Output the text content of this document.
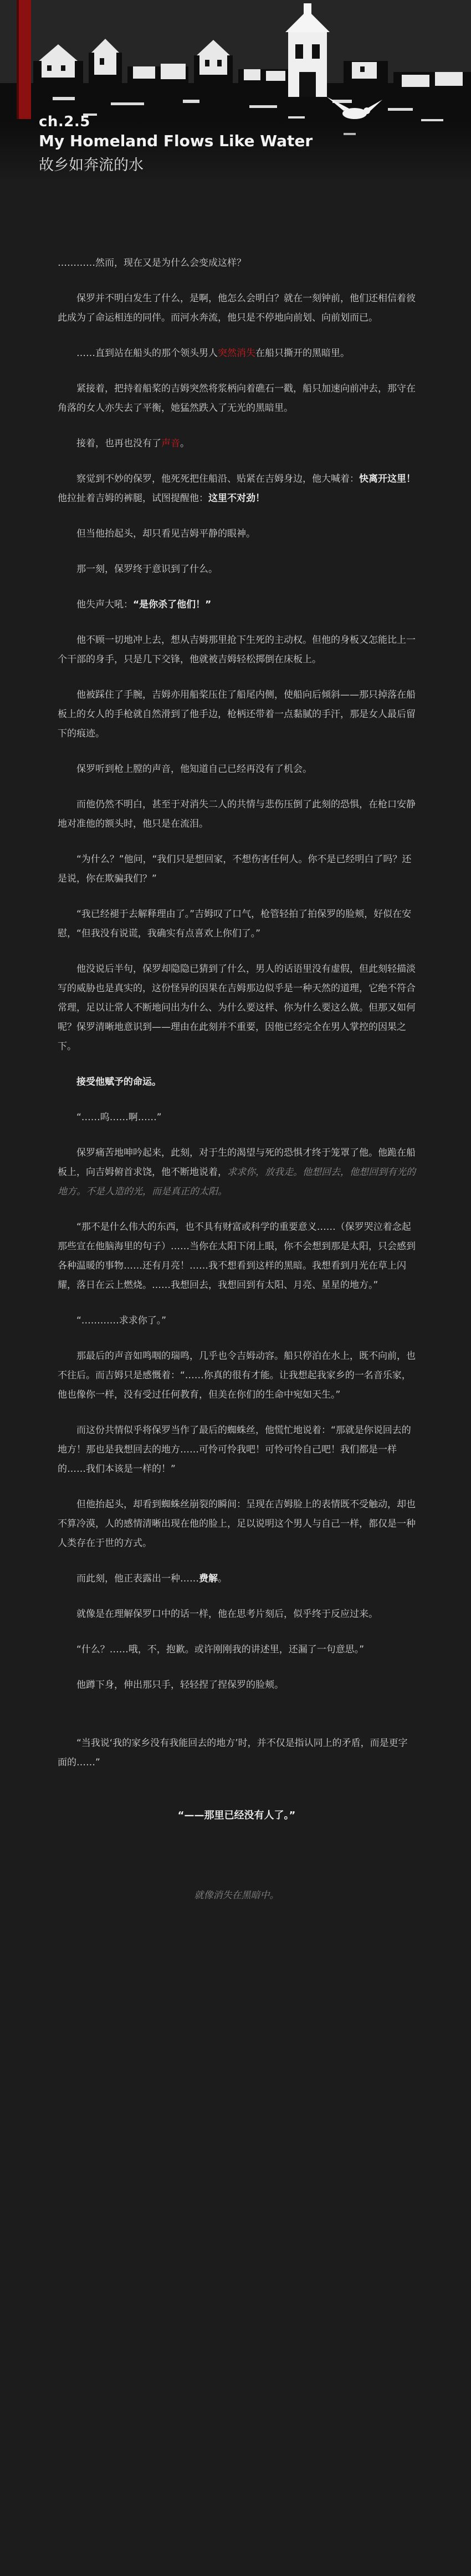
ch.2.5
My Homeland Flows Like Water
故乡如奔流的水

…………然而，现在又是为什么会变成这样？

保罗并不明白发生了什么，是啊，他怎么会明白？就在一刻钟前，他们还相信着彼此成为了命运相连的同伴。而河水奔流，他只是不停地向前划、向前划而已。

……直到站在船头的那个领头男人突然消失在船只撕开的黑暗里。

紧接着，把持着船桨的吉姆突然将浆柄向着礁石一戳，船只加速向前冲去，那守在角落的女人亦失去了平衡，她猛然跌入了无光的黑暗里。

接着，也再也没有了声音。

察觉到不妙的保罗，他死死把住船沿、贴紧在吉姆身边，他大喊着：快离开这里！他拉扯着吉姆的裤腿，试图提醒他：这里不对劲！

但当他抬起头，却只看见吉姆平静的眼神。

那一刻，保罗终于意识到了什么。

他失声大吼：“是你杀了他们！”

他不顾一切地冲上去，想从吉姆那里抢下生死的主动权。但他的身板又怎能比上一个干部的身手，只是几下交锋，他就被吉姆轻松掷倒在床板上。

他被踩住了手腕，吉姆亦用船桨压住了船尾内侧，使船向后倾斜——那只掉落在船板上的女人的手枪就自然滑到了他手边，枪柄还带着一点黏腻的手汗，那是女人最后留下的痕迹。

保罗听到枪上膛的声音，他知道自己已经再没有了机会。

而他仍然不明白，甚至于对消失二人的共情与悲伤压倒了此刻的恐惧，在枪口安静地对准他的额头时，他只是在流泪。

“为什么？”他问，“我们只是想回家，不想伤害任何人。你不是已经明白了吗？还是说，你在欺骗我们？”

“我已经褪于去解释理由了。”吉姆叹了口气，枪管轻拍了拍保罗的脸颊，好似在安慰，“但我没有说谎，我确实有点喜欢上你们了。”

他没说后半句，保罗却隐隐已猜到了什么，男人的话语里没有虚假，但此刻轻描淡写的威胁也是真实的，这份怪异的因果在吉姆那边似乎是一种天然的道理，它绝不符合常理，足以让常人不断地问出为什么、为什么要这样、你为什么要这么做。但那又如何呢？保罗清晰地意识到——理由在此刻并不重要，因他已经完全在男人掌控的因果之下。

接受他赋予的命运。

“……呜……啊……”

保罗痛苦地呻吟起来，此刻，对于生的渴望与死的恐惧才终于笼罩了他。他跪在船板上，向吉姆俯首求饶，他不断地说着，求求你，放我走。他想回去，他想回到有光的地方。不是人造的光，而是真正的太阳。

“那不是什么伟大的东西，也不具有财富或科学的重要意义……（保罗哭泣着念起那些宣在他脑海里的句子）……当你在太阳下闭上眼，你不会想到那是太阳，只会感到各种温暖的事物……还有月亮！……我不想看到这样的黑暗。我想看到月光在草上闪耀，落日在云上燃烧。……我想回去，我想回到有太阳、月亮、星星的地方。”

“…………求求你了。”

那最后的声音如鸣咽的瑞鸣，几乎也令吉姆动容。船只停泊在水上，既不向前，也不往后。而吉姆只是感慨着：“……你真的很有才能。让我想起我家乡的一名音乐家，他也像你一样，没有受过任何教育，但美在你们的生命中宛如天生。”

而这份共情似乎将保罗当作了最后的蜘蛛丝，他慌忙地说着：“那就是你说回去的地方！那也是我想回去的地方……可怜可怜我吧！可怜可怜自己吧！我们都是一样的……我们本该是一样的！”

但他抬起头，却看到蜘蛛丝崩裂的瞬间：呈现在吉姆脸上的表情既不受触动，却也不算冷漠，人的感情清晰出现在他的脸上，足以说明这个男人与自己一样，都仅是一种人类存在于世的方式。

而此刻，他正表露出一种……费解。

就像是在理解保罗口中的话一样，他在思考片刻后，似乎终于反应过来。

“什么？……哦，不，抱歉。或许刚刚我的讲述里，还漏了一句意思。”

他蹲下身，伸出那只手，轻轻捏了捏保罗的脸颊。

“当我说‘我的家乡没有我能回去的地方’时，并不仅是指认同上的矛盾，而是更字面的……”

“——那里已经没有人了。”

就像消失在黑暗中。
